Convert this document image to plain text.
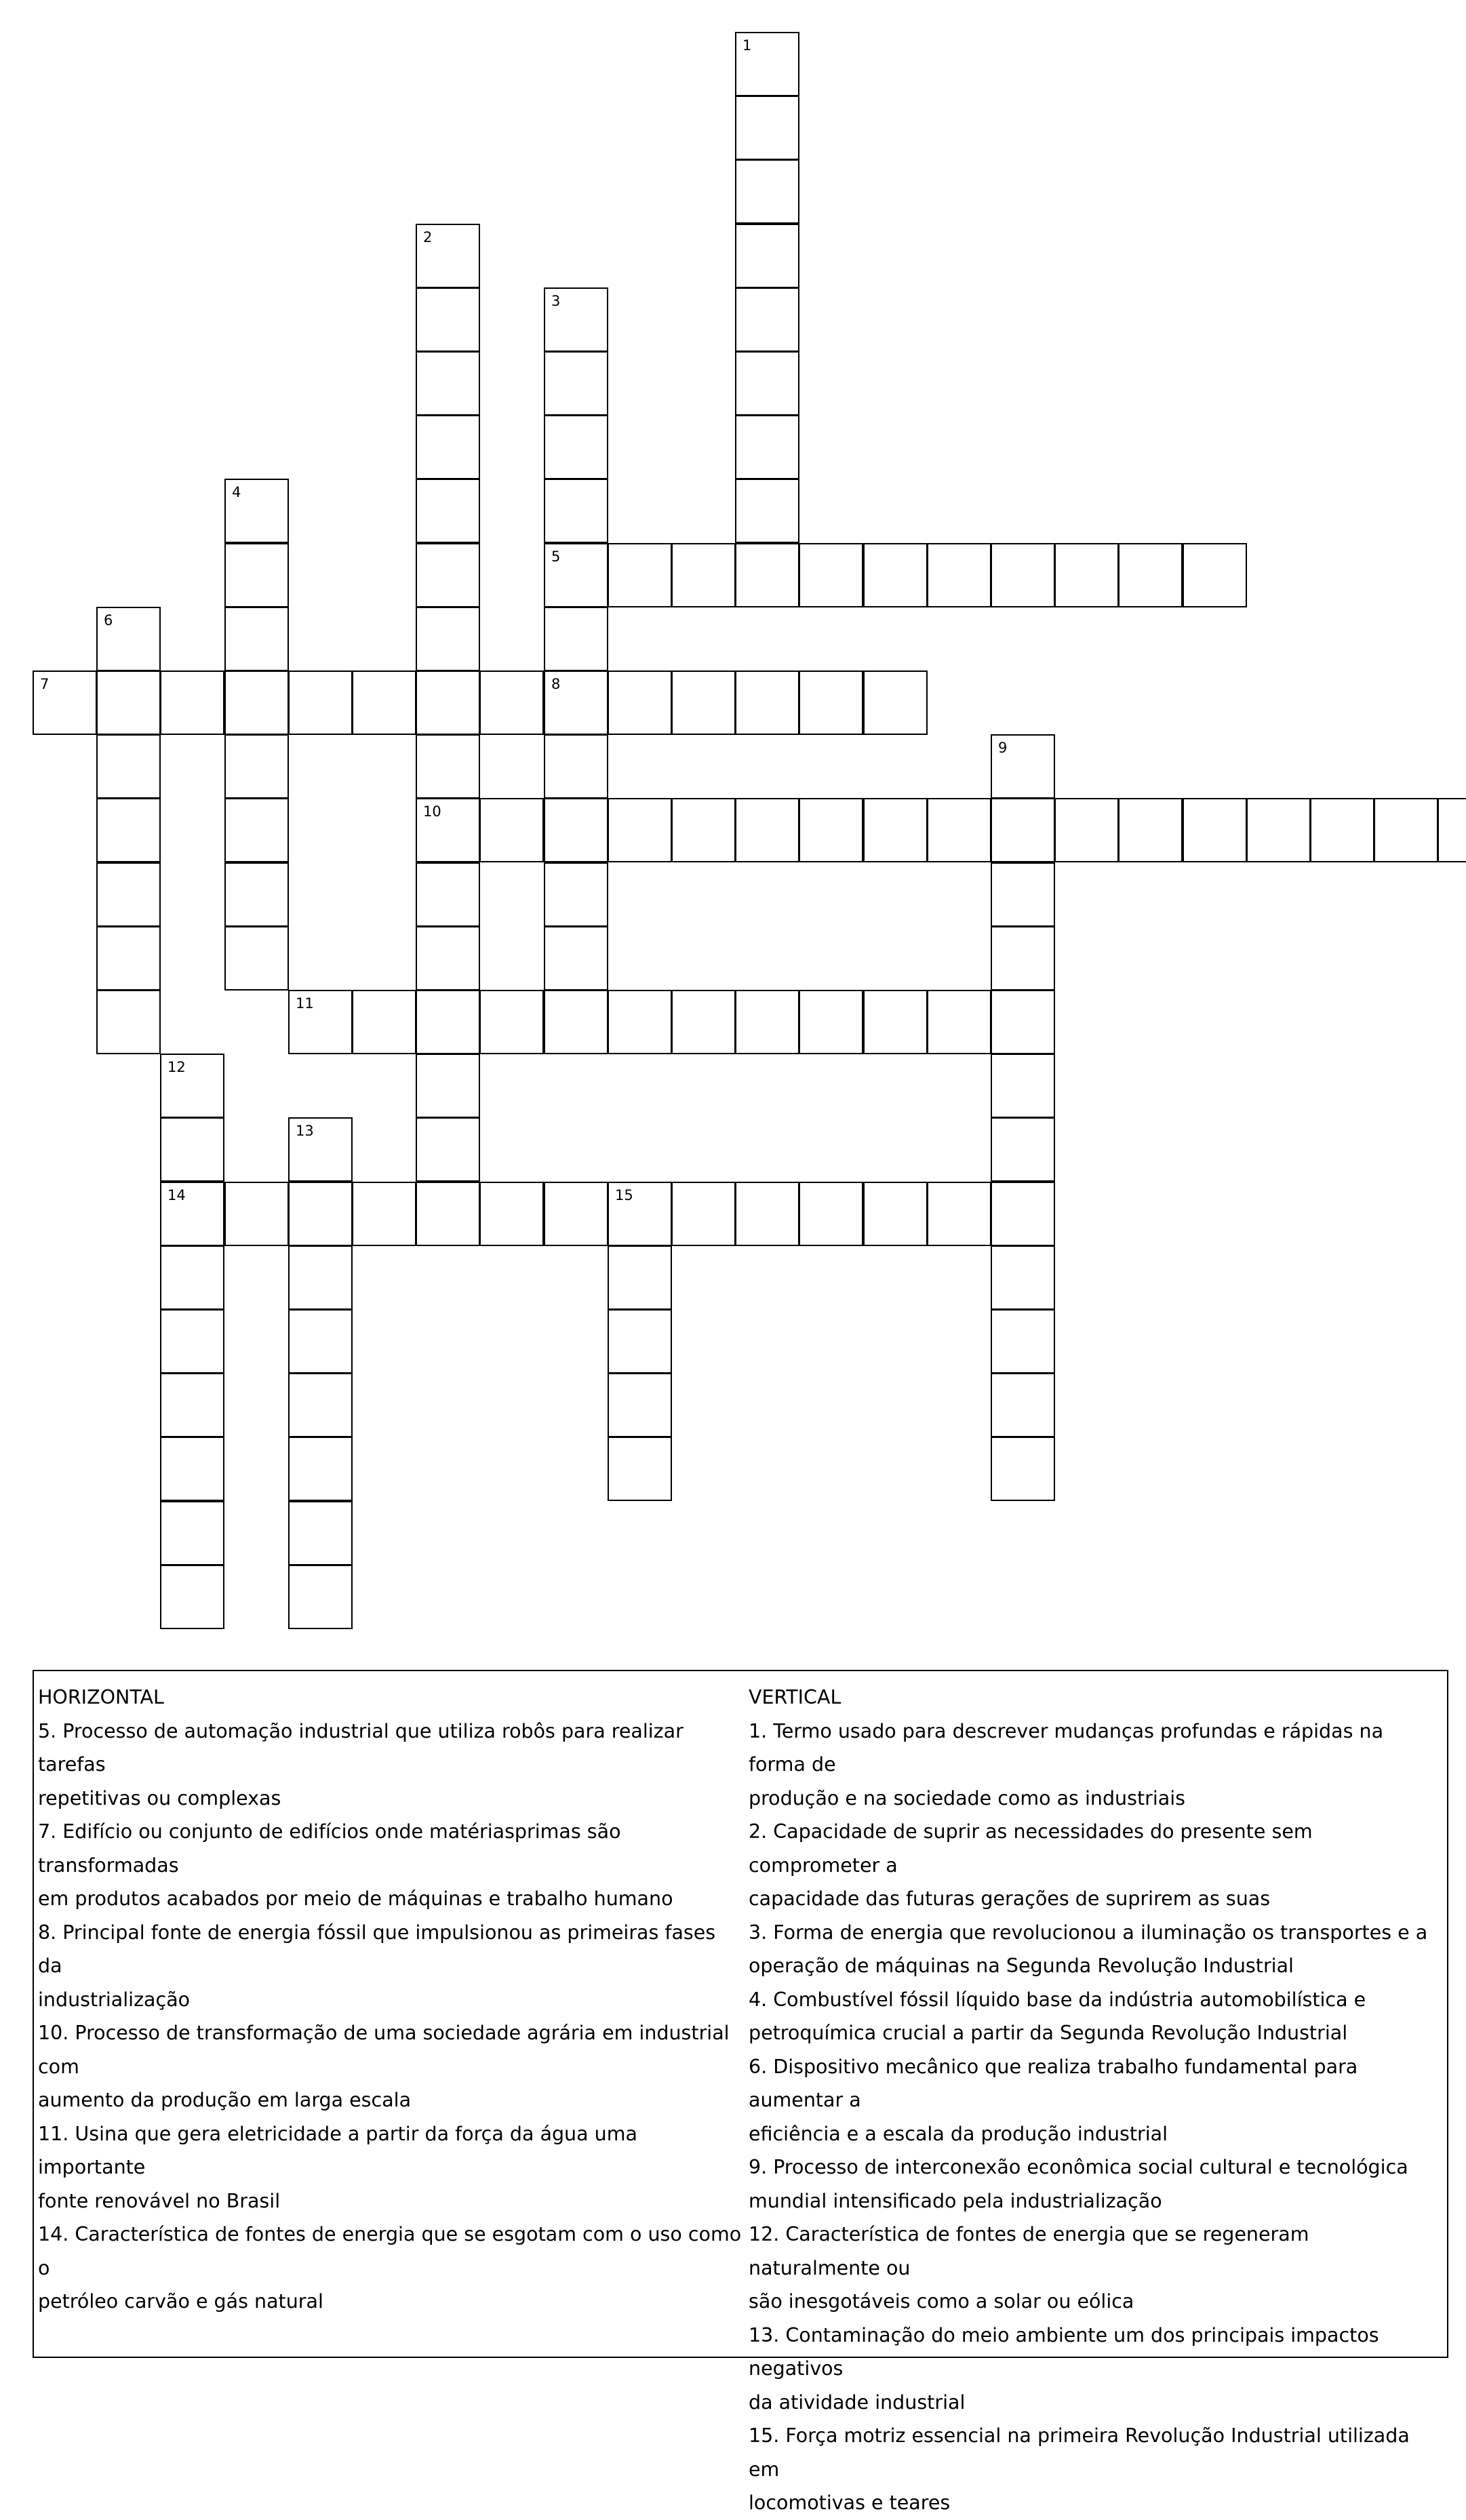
1
2
10
3
5
8
4
6
7
9
11
12
14
13
15
HORIZONTAL
5. Processo de automação industrial que utiliza robôs para realizar tarefas
repetitivas ou complexas
7. Edifício ou conjunto de edifícios onde matériasprimas são transformadas
em produtos acabados por meio de máquinas e trabalho humano
8. Principal fonte de energia fóssil que impulsionou as primeiras fases da
industrialização
10. Processo de transformação de uma sociedade agrária em industrial com
aumento da produção em larga escala
11. Usina que gera eletricidade a partir da força da água uma importante
fonte renovável no Brasil
14. Característica de fontes de energia que se esgotam com o uso como o
petróleo carvão e gás natural
VERTICAL
1. Termo usado para descrever mudanças profundas e rápidas na forma de
produção e na sociedade como as industriais
2. Capacidade de suprir as necessidades do presente sem comprometer a
capacidade das futuras gerações de suprirem as suas
3. Forma de energia que revolucionou a iluminação os transportes e a
operação de máquinas na Segunda Revolução Industrial
4. Combustível fóssil líquido base da indústria automobilística e
petroquímica crucial a partir da Segunda Revolução Industrial
6. Dispositivo mecânico que realiza trabalho fundamental para aumentar a
eficiência e a escala da produção industrial
9. Processo de interconexão econômica social cultural e tecnológica
mundial intensificado pela industrialização
12. Característica de fontes de energia que se regeneram naturalmente ou
são inesgotáveis como a solar ou eólica
13. Contaminação do meio ambiente um dos principais impactos negativos
da atividade industrial
15. Força motriz essencial na primeira Revolução Industrial utilizada em
locomotivas e teares
